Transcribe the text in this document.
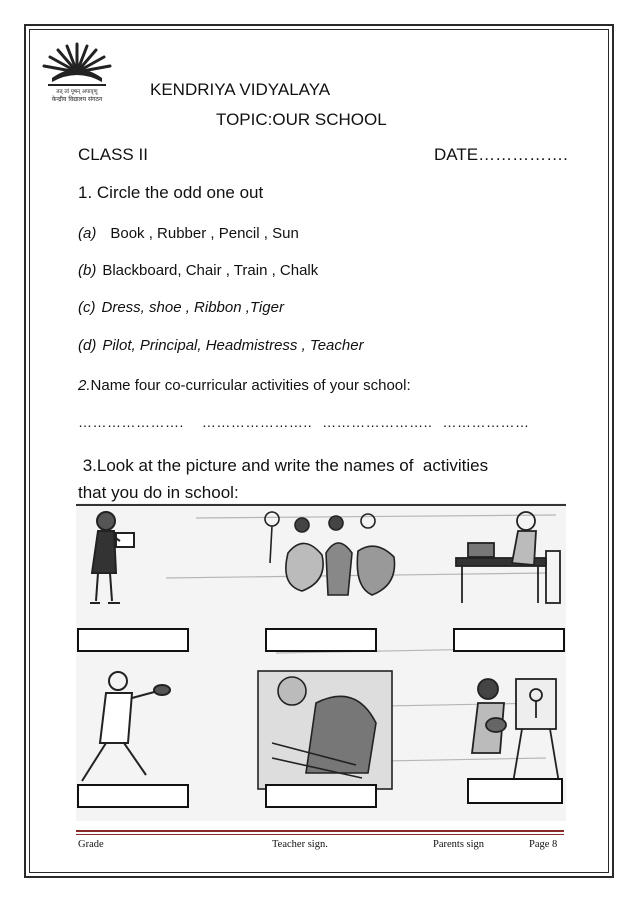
तत् त्वं पूषन् अपावृणु
केन्द्रीय विद्यालय संगठन
KENDRIYA VIDYALAYA
TOPIC:OUR SCHOOL
CLASS II	DATE…………….
1. Circle the odd one out
(a) Book , Rubber , Pencil , Sun
(b) Blackboard, Chair , Train , Chalk
(c) Dress, shoe , Ribbon ,Tiger
(d) Pilot, Principal, Headmistress , Teacher
2.Name four co-curricular activities of your school:
…………………. ………………….. ………………….. ………………
3.Look at the picture and write the names of  activities
that you do in school:
Grade	Teacher sign.	Parents sign	Page 8
